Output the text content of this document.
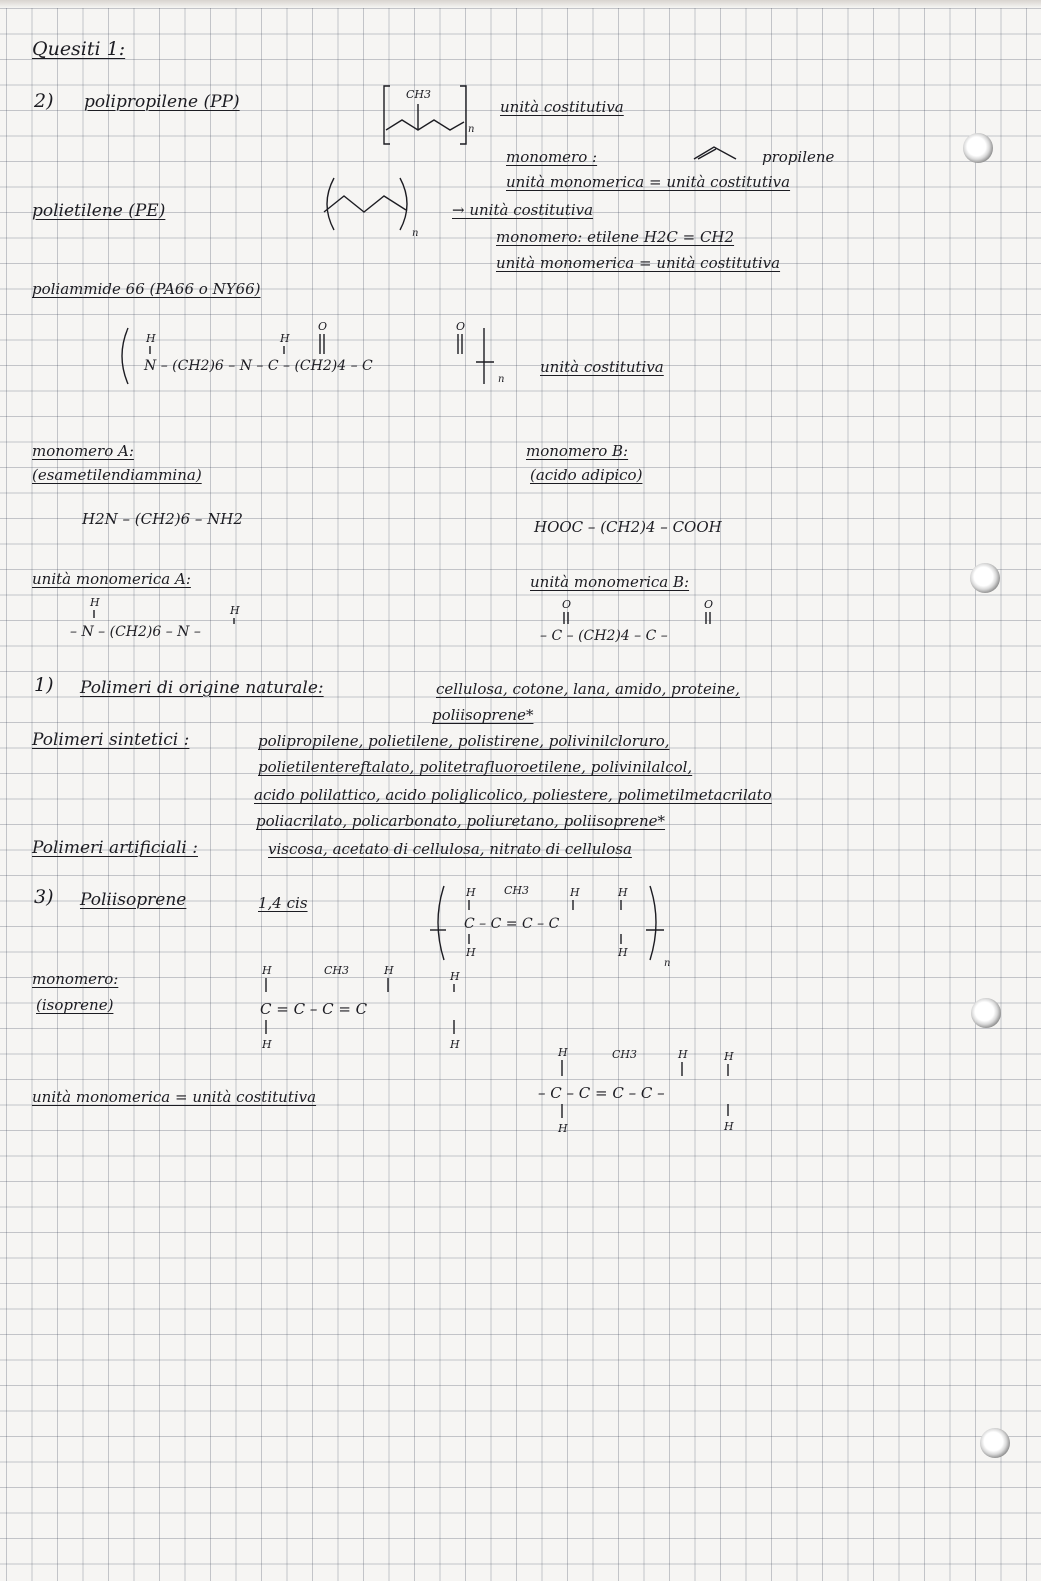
Quesiti 1:
2) polipropilene (PP)	CH3
n
unità costitutiva
monomero :	propilene
unità monomerica = unità costitutiva
polietilene (PE)
n
→ unità costitutiva
monomero: etilene H2C = CH2
unità monomerica = unità costitutiva
poliammide 66 (PA66 o NY66)
n
H	H
O	O
N – (CH2)6 – N – C – (CH2)4 – C	unità costitutiva
monomero A:
(esametilendiammina)
monomero B:
(acido adipico)
H2N – (CH2)6 – NH2	HOOC – (CH2)4 – COOH
unità monomerica A:	unità monomerica B:
H
H
– N – (CH2)6 – N –
O	O
– C – (CH2)4 – C –
1) Polimeri di origine naturale:	cellulosa, cotone, lana, amido, proteine,
poliisoprene*
Polimeri sintetici :	polipropilene, polietilene, polistirene, polivinilcloruro,
polietilentereftalato, politetrafluoroetilene, polivinilalcol,
acido polilattico, acido poliglicolico, poliestere, polimetilmetacrilato
poliacrilato, policarbonato, poliuretano, poliisoprene*
Polimeri artificiali :	viscosa, acetato di cellulosa, nitrato di cellulosa
3) Poliisoprene	1,4 cis
n
H	CH3	H	H
C – C = C – C
H	H
monomero:
(isoprene)
H	CH3	H	H
C = C – C = C
H	H
unità monomerica = unità costitutiva
H	CH3	H	H
– C – C = C – C –
H	H
